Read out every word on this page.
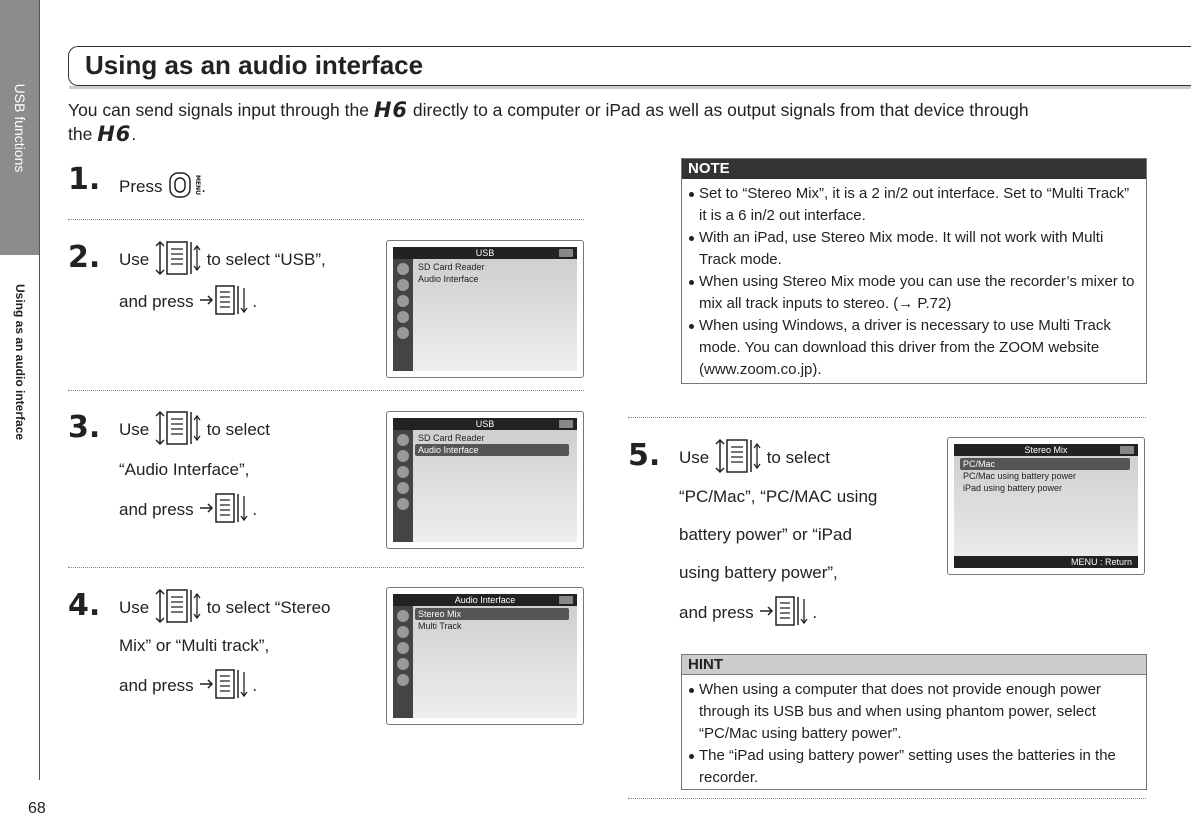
USB functions
Using as an audio interface
68
Using as an audio interface
You can send signals input through the H6 directly to a computer or iPad as well as output signals from that device through
the H6.
1. Press	MENU .
2. Use	to select “USB”,
and press	.
USB
SD Card Reader
Audio Interface
3. Use	to select
“Audio Interface”,
and press	.
USB
SD Card Reader
Audio Interface
4. Use	to select “Stereo
Mix” or “Multi track”,
and press	.
Audio Interface
Stereo Mix
Multi Track
NOTE
Set to “Stereo Mix”, it is a 2 in/2 out interface. Set to “Multi Track” it is a 6 in/2 out interface.
With an iPad, use Stereo Mix mode. It will not work with Multi Track mode.
When using Stereo Mix mode you can use the recorder’s mixer to mix all track inputs to stereo. (→ P.72)
When using Windows, a driver is necessary to use Multi Track mode. You can download this driver from the ZOOM website (www.zoom.co.jp).
5. Use	to select
“PC/Mac”, “PC/MAC using
battery power” or “iPad
using battery power”,
and press	.
Stereo Mix
PC/Mac
PC/Mac using battery power
iPad using battery power
MENU : Return
HINT
When using a computer that does not provide enough power through its USB bus and when using phantom power, select “PC/Mac using battery power”.
The “iPad using battery power” setting uses the batteries in the recorder.
